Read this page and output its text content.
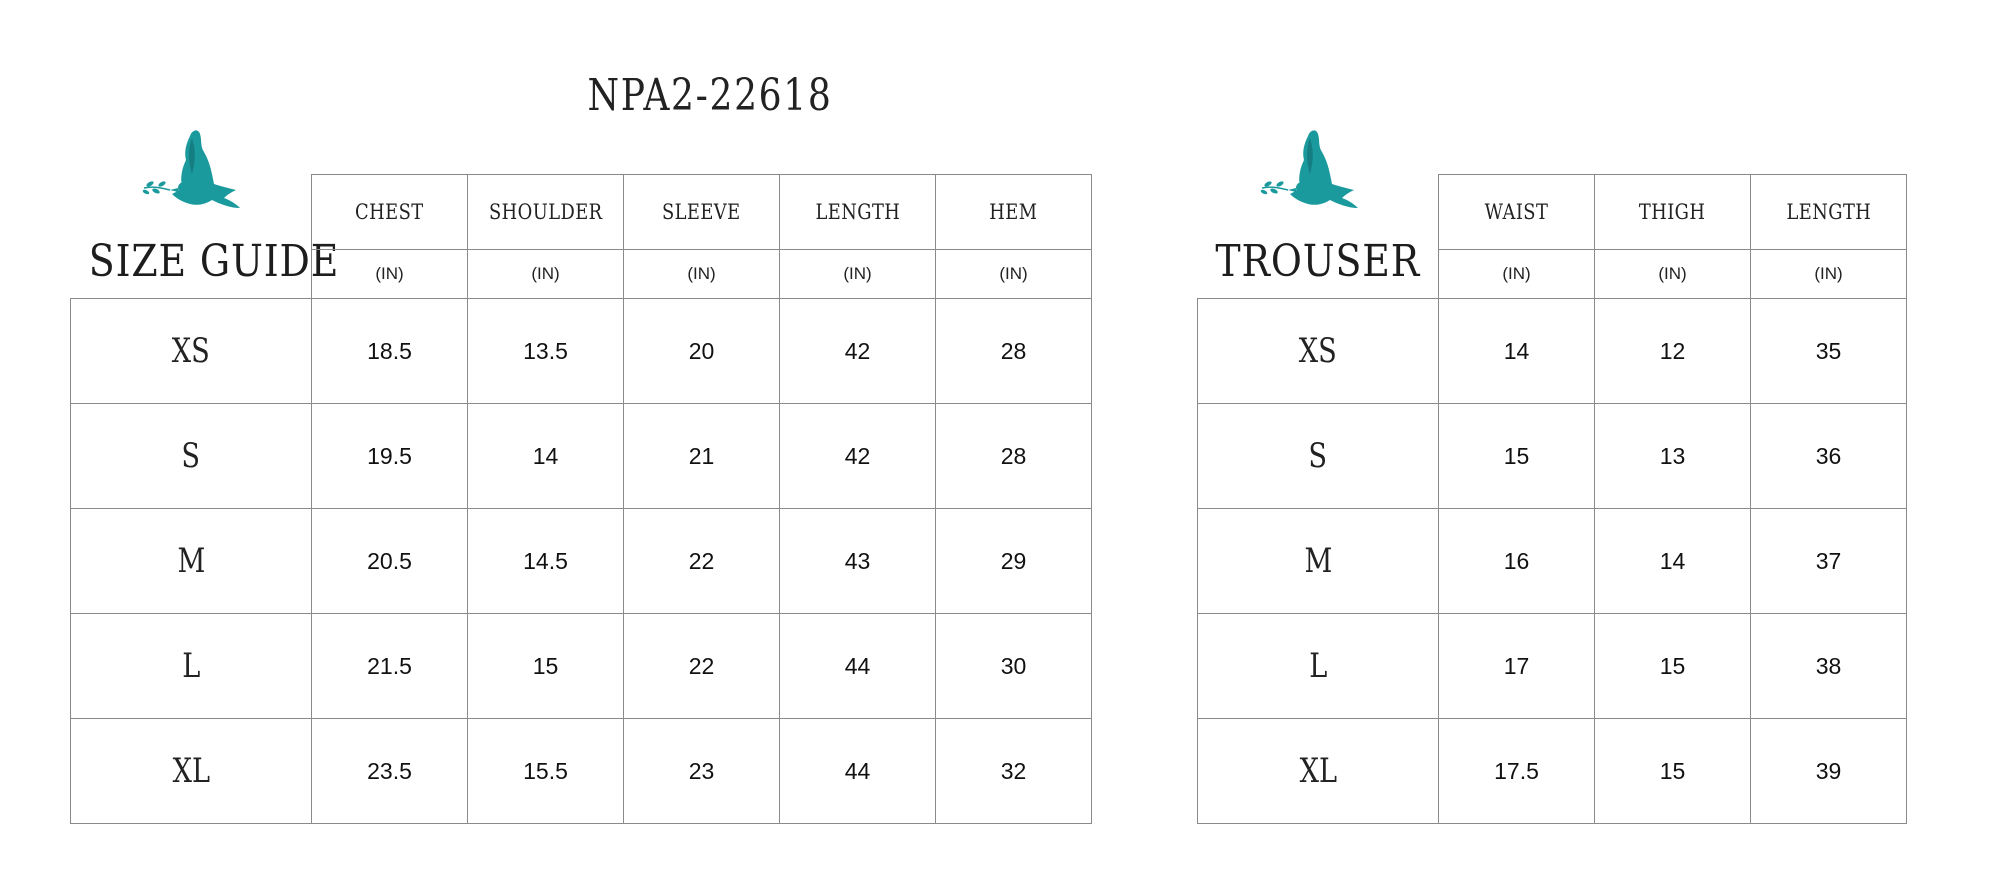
NPA2-22618
SIZE GUIDE
	CHEST	SHOULDER	SLEEVE	LENGTH	HEM
	(IN)	(IN)	(IN)	(IN)	(IN)
XS	18.5	13.5	20	42	28
S	19.5	14	21	42	28
M	20.5	14.5	22	43	29
L	21.5	15	22	44	30
XL	23.5	15.5	23	44	32
TROUSER
	WAIST	THIGH	LENGTH
	(IN)	(IN)	(IN)
XS	14	12	35
S	15	13	36
M	16	14	37
L	17	15	38
XL	17.5	15	39
